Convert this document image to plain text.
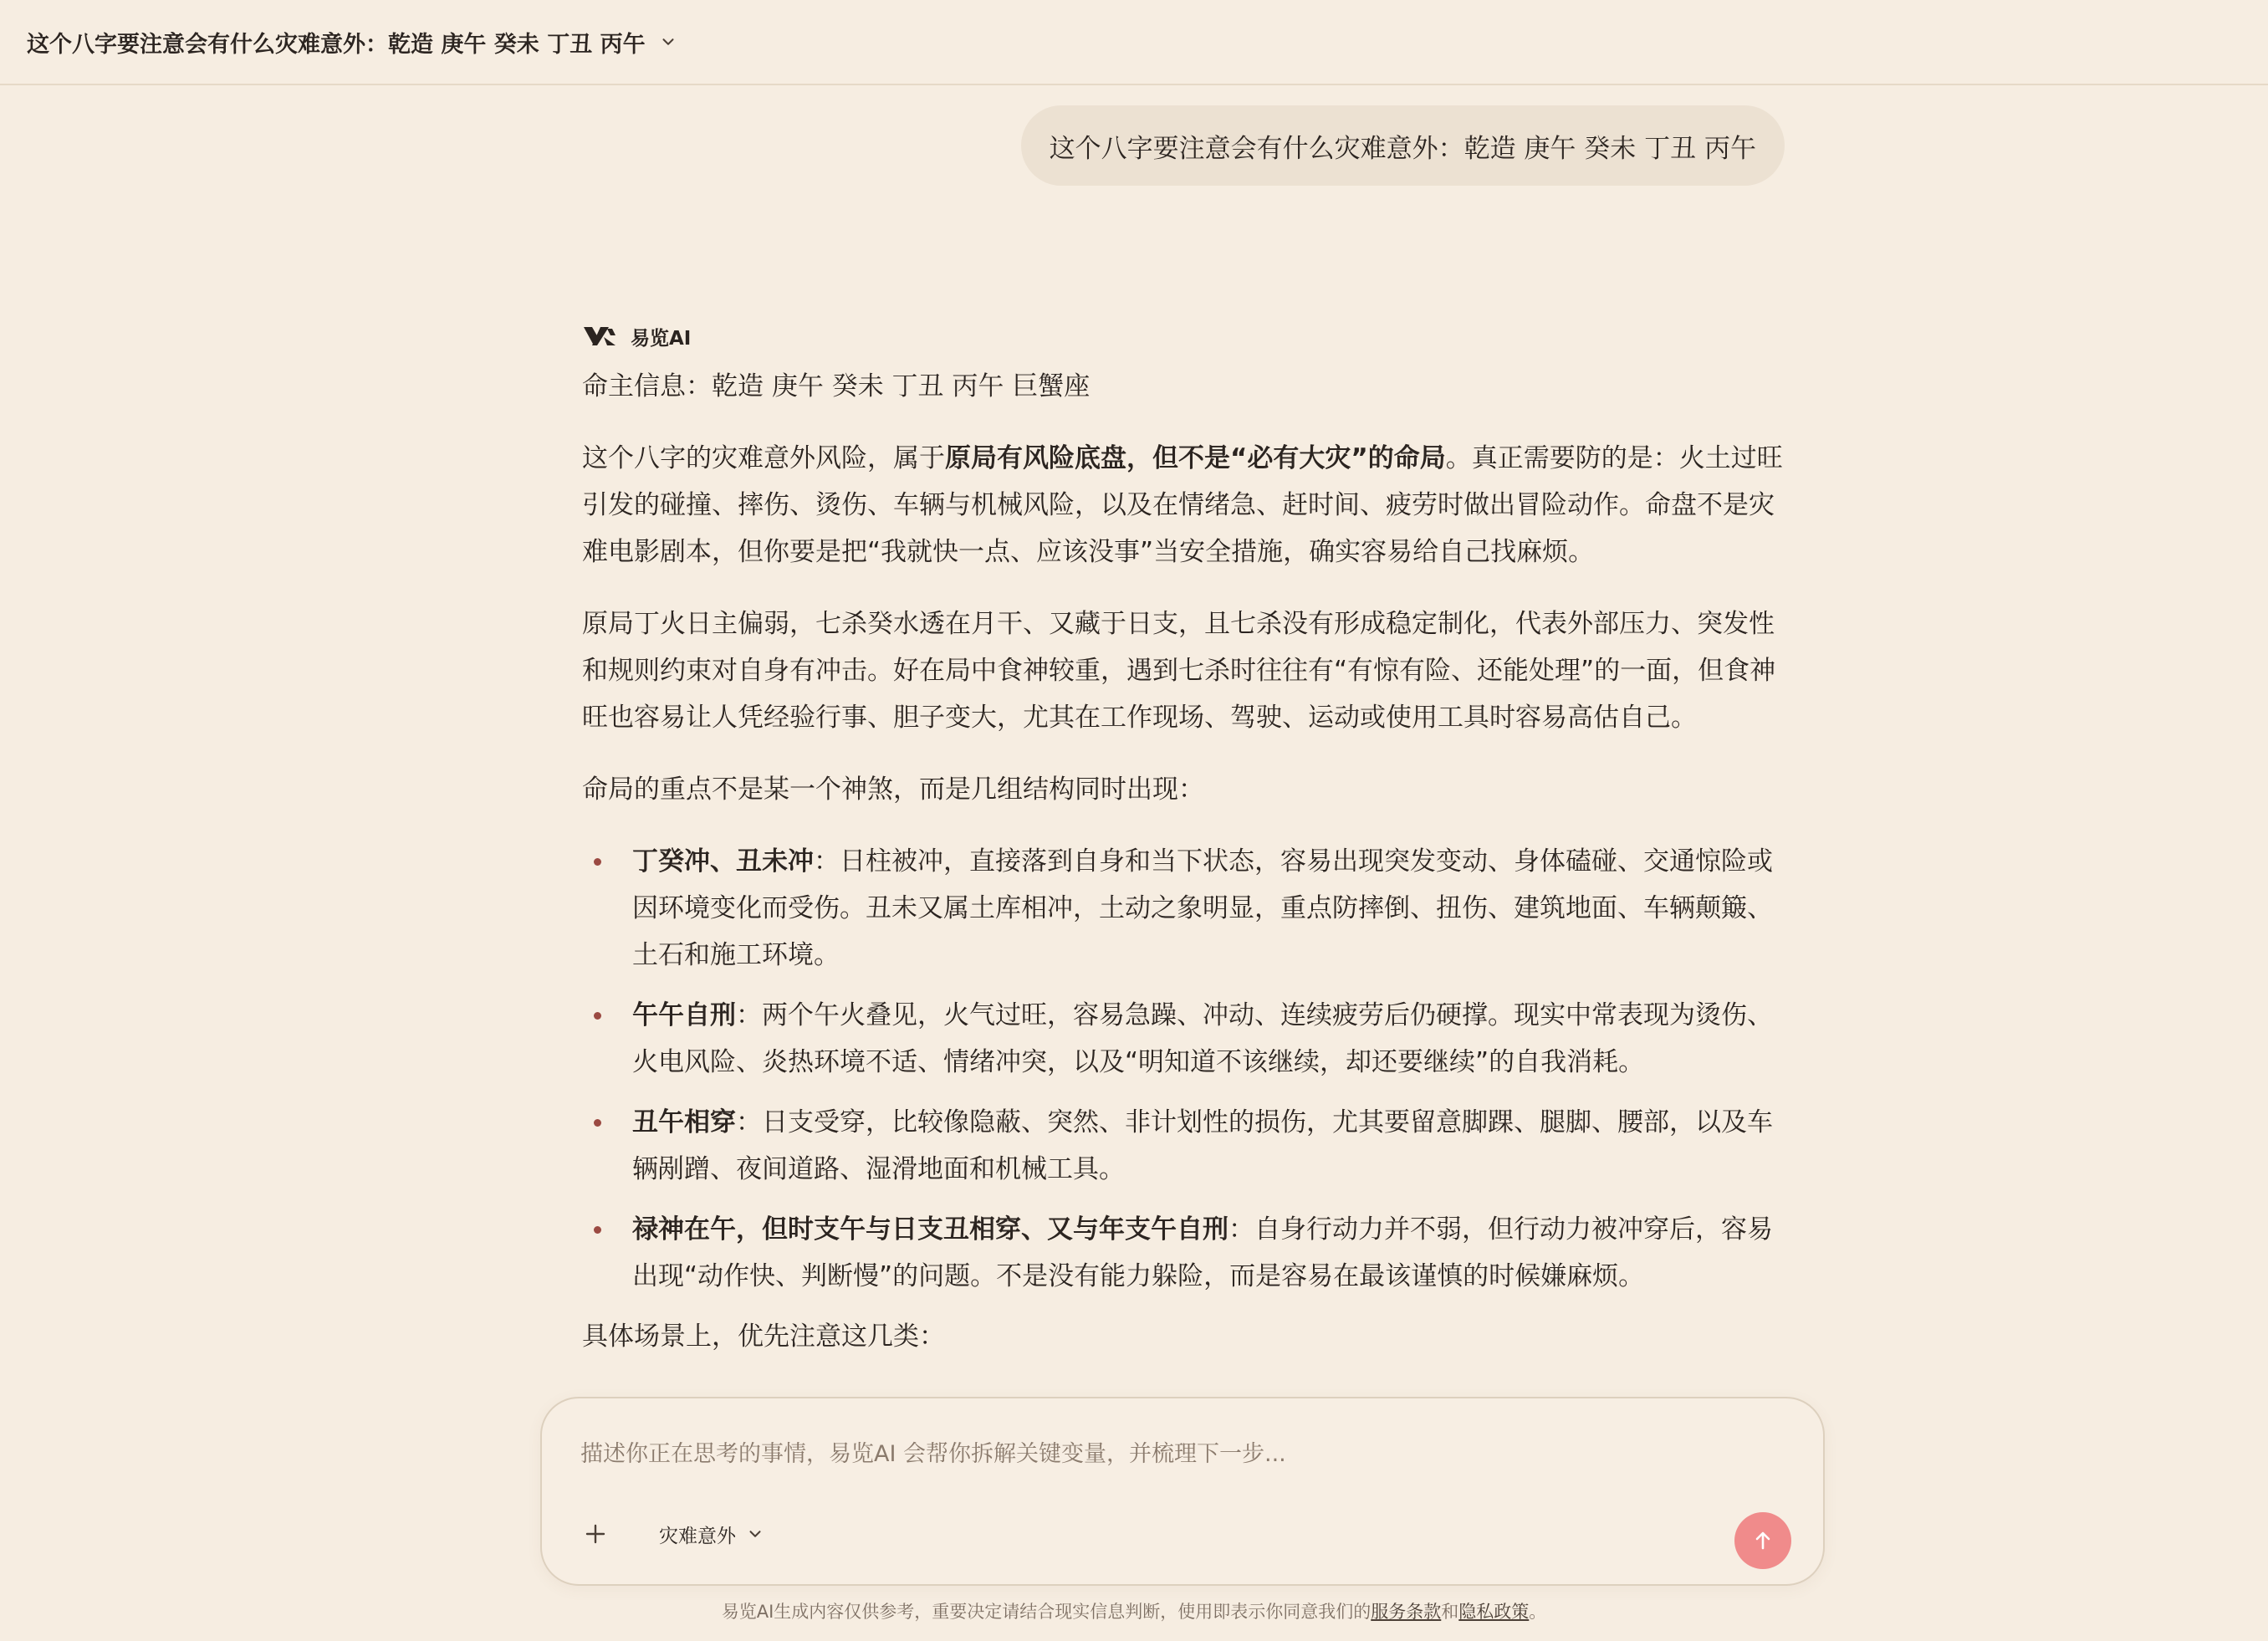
这个八字要注意会有什么灾难意外：乾造 庚午 癸未 丁丑 丙午
这个八字要注意会有什么灾难意外：乾造 庚午 癸未 丁丑 丙午
易览AI

命主信息：乾造 庚午 癸未 丁丑 丙午 巨蟹座

这个八字的灾难意外风险，属于原局有风险底盘，但不是“必有大灾”的命局。真正需要防的是：火土过旺引发的碰撞、摔伤、烫伤、车辆与机械风险，以及在情绪急、赶时间、疲劳时做出冒险动作。命盘不是灾难电影剧本，但你要是把“我就快一点、应该没事”当安全措施，确实容易给自己找麻烦。

原局丁火日主偏弱，七杀癸水透在月干、又藏于日支，且七杀没有形成稳定制化，代表外部压力、突发性和规则约束对自身有冲击。好在局中食神较重，遇到七杀时往往有“有惊有险、还能处理”的一面，但食神旺也容易让人凭经验行事、胆子变大，尤其在工作现场、驾驶、运动或使用工具时容易高估自己。

命局的重点不是某一个神煞，而是几组结构同时出现：

丁癸冲、丑未冲：日柱被冲，直接落到自身和当下状态，容易出现突发变动、身体磕碰、交通惊险或因环境变化而受伤。丑未又属土库相冲，土动之象明显，重点防摔倒、扭伤、建筑地面、车辆颠簸、土石和施工环境。
午午自刑：两个午火叠见，火气过旺，容易急躁、冲动、连续疲劳后仍硬撑。现实中常表现为烫伤、火电风险、炎热环境不适、情绪冲突，以及“明知道不该继续，却还要继续”的自我消耗。
丑午相穿：日支受穿，比较像隐蔽、突然、非计划性的损伤，尤其要留意脚踝、腿脚、腰部，以及车辆剐蹭、夜间道路、湿滑地面和机械工具。
禄神在午，但时支午与日支丑相穿、又与年支午自刑：自身行动力并不弱，但行动力被冲穿后，容易出现“动作快、判断慢”的问题。不是没有能力躲险，而是容易在最该谨慎的时候嫌麻烦。

具体场景上，优先注意这几类：

描述你正在思考的事情，易览AI 会帮你拆解关键变量，并梳理下一步...
灾难意外
易览AI生成内容仅供参考，重要决定请结合现实信息判断，使用即表示你同意我们的服务条款和隐私政策。
